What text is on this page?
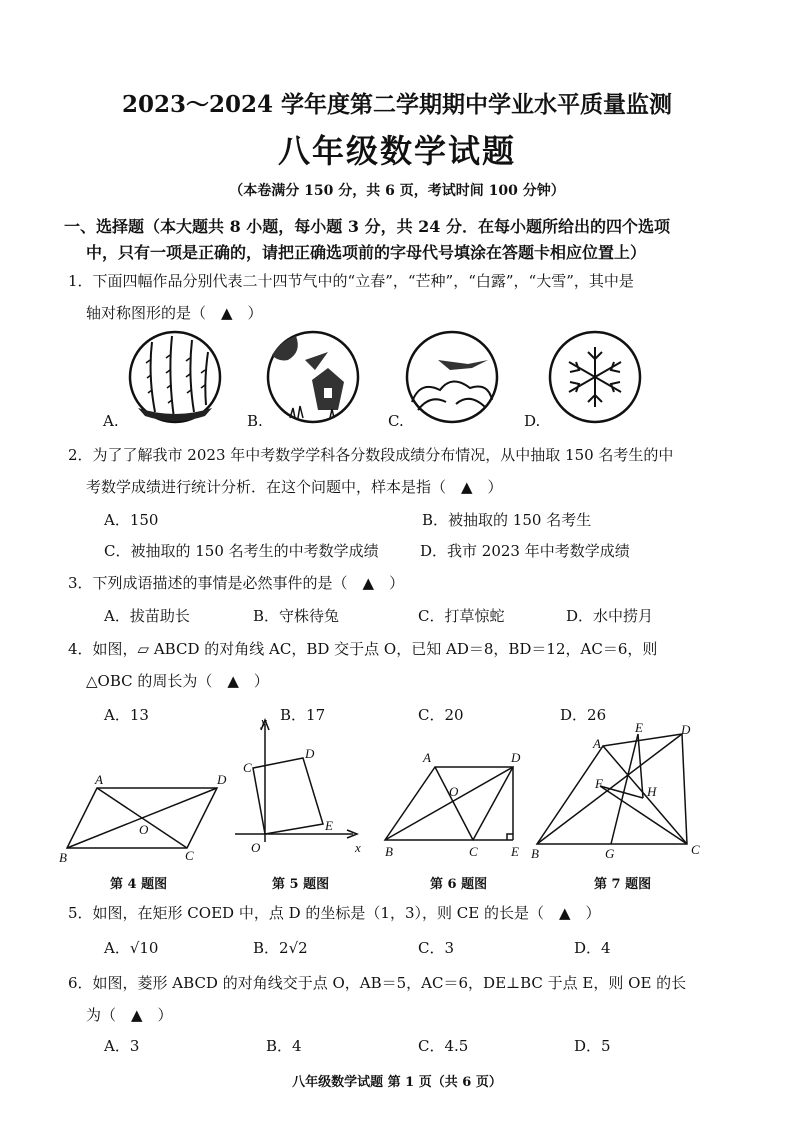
2023～2024 学年度第二学期期中学业水平质量监测
八年级数学试题
（本卷满分 150 分，共 6 页，考试时间 100 分钟）
一、选择题（本大题共 8 小题，每小题 3 分，共 24 分．在每小题所给出的四个选项
中，只有一项是正确的，请把正确选项前的字母代号填涂在答题卡相应位置上）
1．下面四幅作品分别代表二十四节气中的“立春”，“芒种”，“白露”，“大雪”，其中是
轴对称图形的是（　▲　）
A.	B.	C.	D.
2．为了了解我市 2023 年中考数学学科各分数段成绩分布情况，从中抽取 150 名考生的中
考数学成绩进行统计分析．在这个问题中，样本是指（　▲　）
A．150	B．被抽取的 150 名考生
C．被抽取的 150 名考生的中考数学成绩	D．我市 2023 年中考数学成绩
3．下列成语描述的事情是必然事件的是（　▲　）
A．拔苗助长	B．守株待兔	C．打草惊蛇	D．水中捞月
4．如图，▱ ABCD 的对角线 AC，BD 交于点 O，已知 AD＝8，BD＝12，AC＝6，则
△OBC 的周长为（　▲　）
A．13	B．17	C．20	D．26
A	D
O
B	C
y
D
C
E
O	x
A	D
O
B	C	E
A
E	D
F
H
B	G	C
第 4 题图	第 5 题图	第 6 题图	第 7 题图
5．如图，在矩形 COED 中，点 D 的坐标是（1，3），则 CE 的长是（　▲　）
A．√10	B．2√2	C．3	D．4
6．如图，菱形 ABCD 的对角线交于点 O，AB＝5，AC＝6，DE⊥BC 于点 E，则 OE 的长
为（　▲　）
A．3	B．4	C．4.5	D．5
八年级数学试题 第 1 页（共 6 页）
